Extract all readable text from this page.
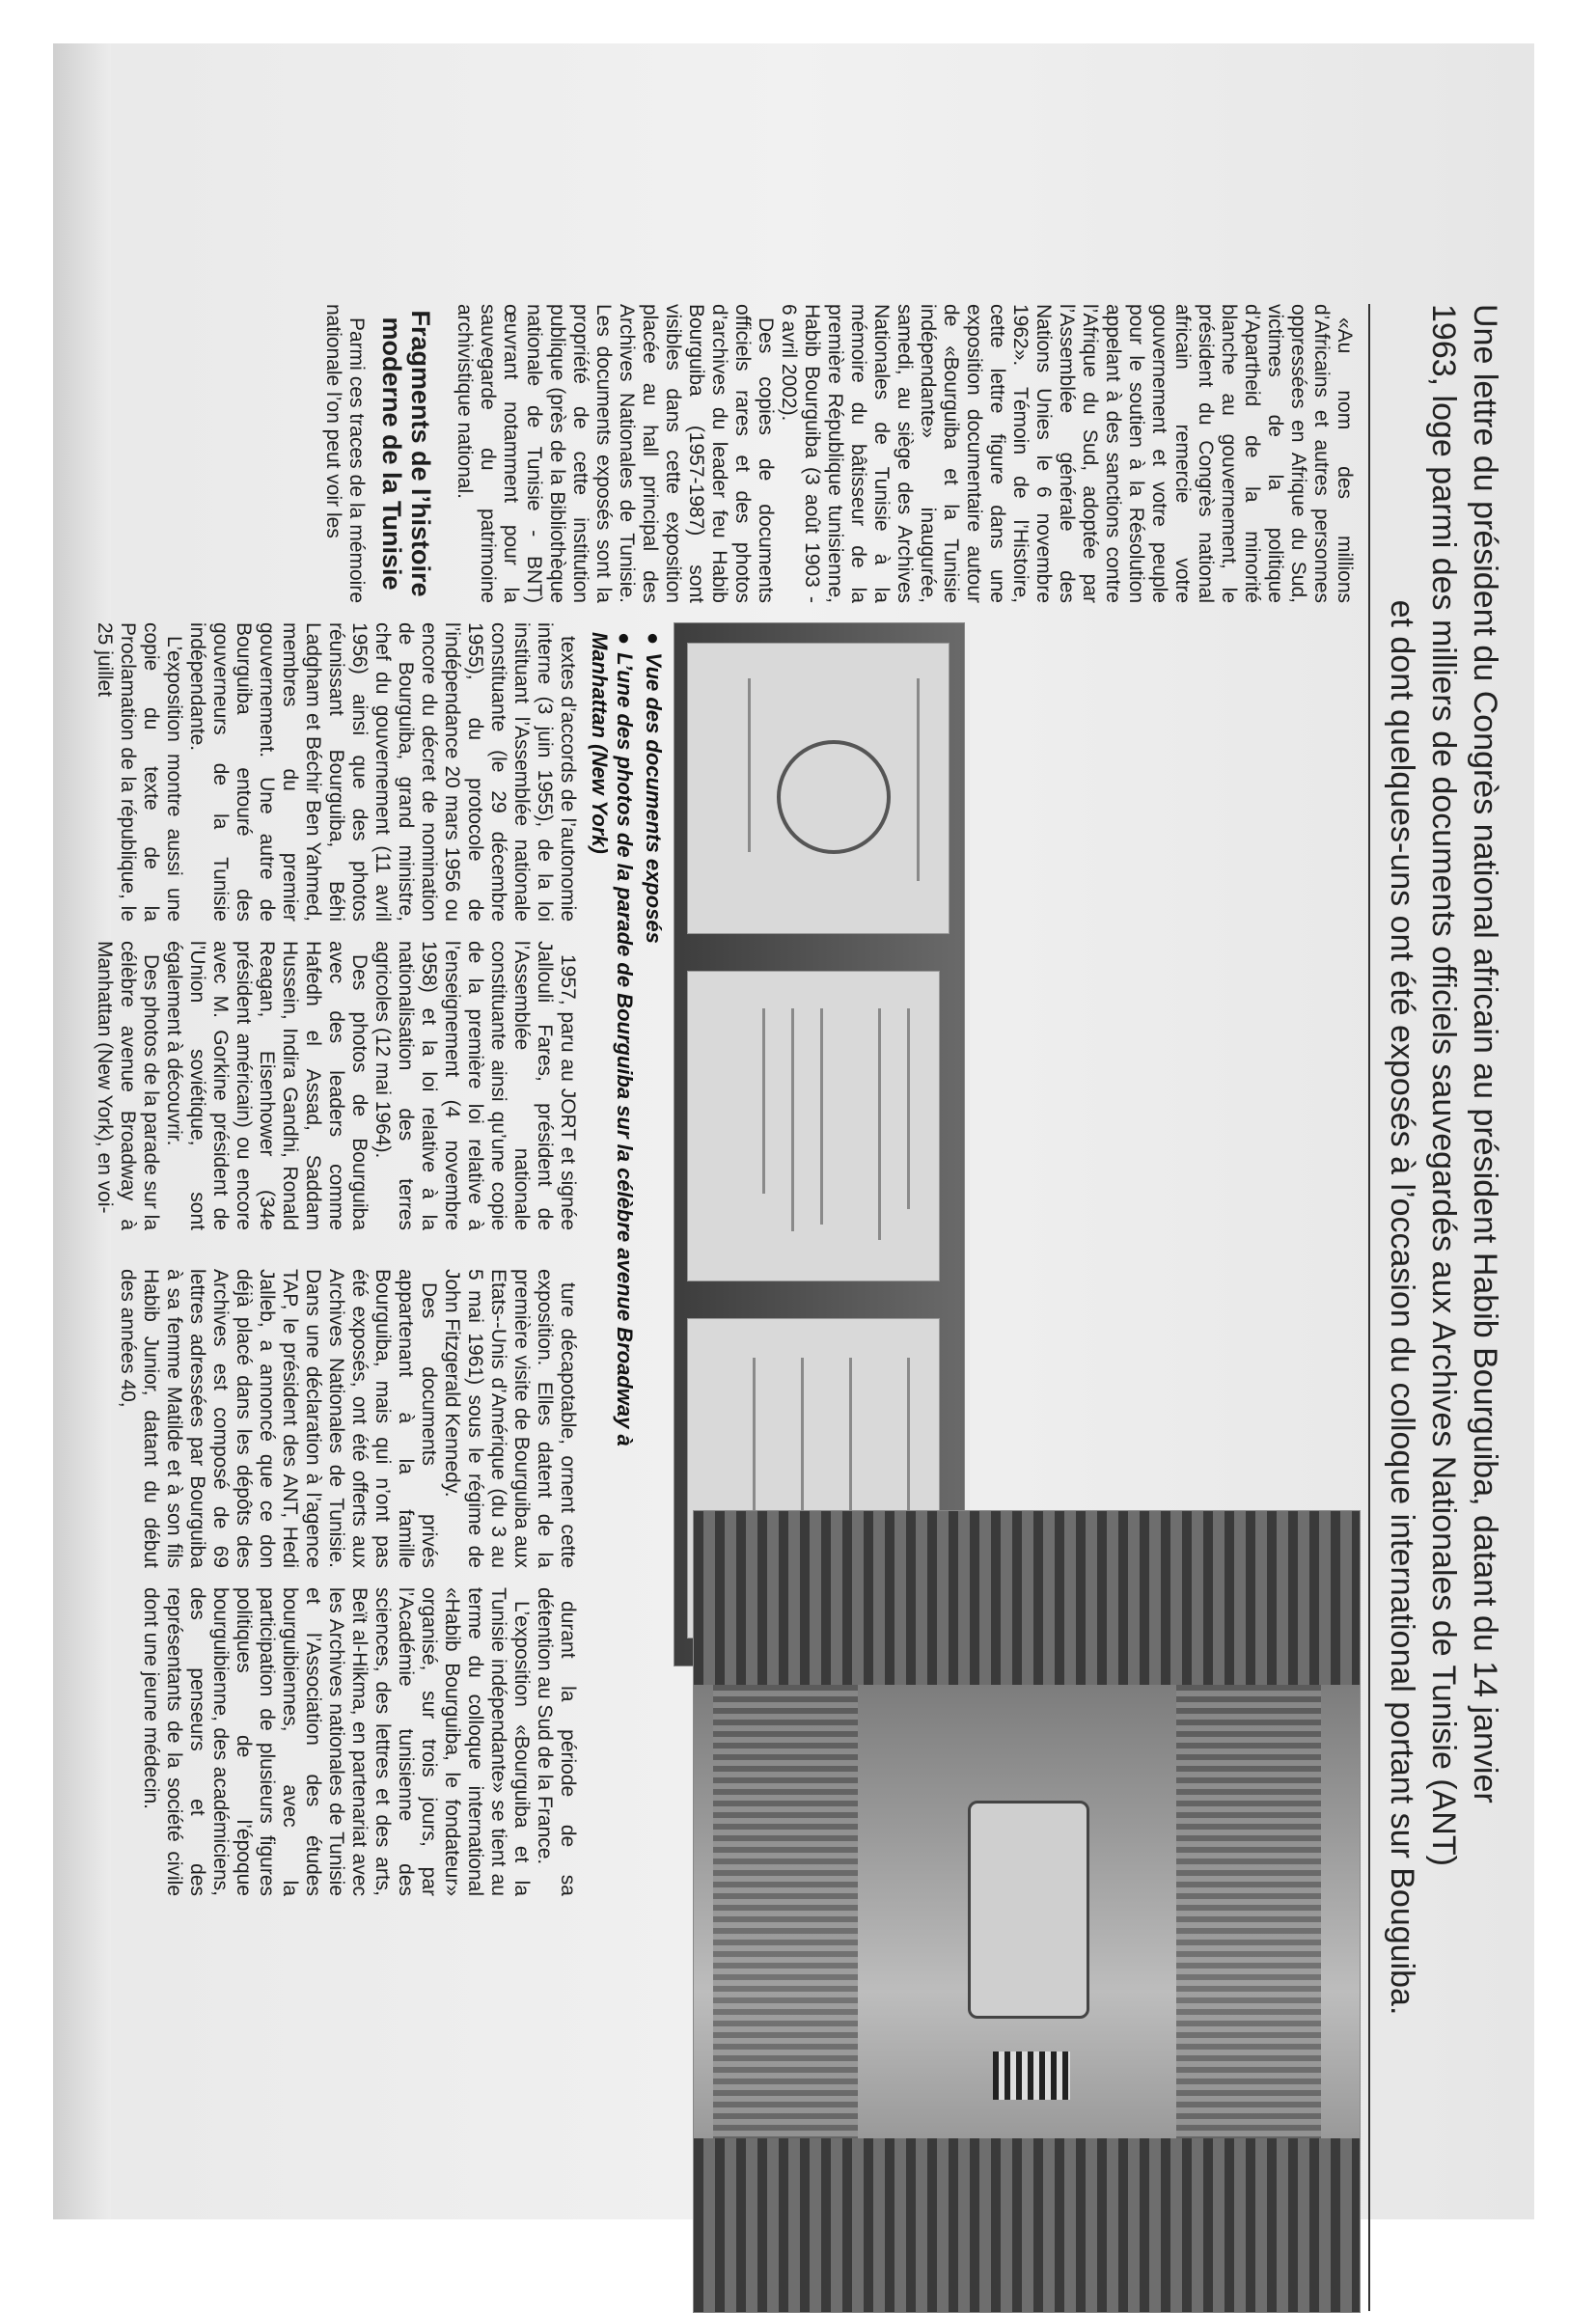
Une lettre du président du Congrès national africain au président Habib Bourguiba, datant du 14 janvier
1963, loge parmi des milliers de documents officiels sauvegardés aux Archives Nationales de Tunisie (ANT)
et dont quelques-uns ont été exposés à l’occasion du colloque international portant sur Bouguiba.

«Au nom des millions d’Africains et autres personnes oppressées en Afrique du Sud, victimes de la politique d’Apartheid de la minorité blanche au gouvernement, le président du Congrès national africain remercie votre gouvernement et votre peuple pour le soutien à la Résolution appelant à des sanctions contre l’Afrique du Sud, adoptée par l’Assemblée générale des Nations Unies le 6 novembre 1962». Témoin de l’Histoire, cette lettre figure dans une exposition documentaire autour de «Bourguiba et la Tunisie indépendante» inaugurée, samedi, au siège des Archives Nationales de Tunisie à la mémoire du bâtisseur de la première République tunisienne, Habib Bourguiba (3 août 1903 - 6 avril 2002).

Des copies de documents officiels rares et des photos d’archives du leader feu Habib Bourguiba (1957-1987) sont visibles dans cette exposition placée au hall principal des Archives Nationales de Tunisie. Les documents exposés sont la propriété de cette institution publique (près de la Bibliothèque nationale de Tunisie - BNT) œuvrant notamment pour la sauvegarde du patrimoine archivistique national.

Fragments de l’histoire moderne de la Tunisie

Parmi ces traces de la mémoire nationale l’on peut voir les

●Vue des documents exposés
●L’une des photos de la parade de Bourguiba sur la célèbre avenue Broadway à Manhattan (New York)

textes d’accords de l’autonomie interne (3 juin 1955), de la loi instituant l’Assemblée nationale constituante (le 29 décembre 1955), du protocole de l’indépendance 20 mars 1956 ou encore du décret de nomination de Bourguiba, grand ministre, chef du gouvernement (11 avril 1956) ainsi que des photos réunissant Bourguiba, Béhi Ladgham et Béchir Ben Yahmed, membres du premier gouvernement. Une autre de Bourguiba entouré des gouverneurs de la Tunisie indépendante.

L’exposition montre aussi une copie du texte de la Proclamation de la république, le 25 juillet

1957, paru au JORT et signée Jallouli Fares, président de l’Assemblée nationale constituante ainsi qu’une copie de la première loi relative à l’enseignement (4 novembre 1958) et la loi relative à la nationalisation des terres agricoles (12 mai 1964).

Des photos de Bourguiba avec des leaders comme Hafedh el Assad, Saddam Hussein, Indira Gandhi, Ronald Reagan, Eisenhower (34e président américain) ou encore avec M. Gorkine président de l’Union soviétique, sont également à découvrir.

Des photos de la parade sur la célèbre avenue Broadway à Manhattan (New York), en voi-

ture décapotable, ornent cette exposition. Elles datent de la première visite de Bourguiba aux Etats--Unis d’Amérique (du 3 au 5 mai 1961) sous le régime de John Fitzgerald Kennedy.

Des documents privés appartenant à la famille Bourguiba, mais qui n’ont pas été exposés, ont été offerts aux Archives Nationales de Tunisie. Dans une déclaration à l’agence TAP, le président des ANT, Hedi Jalleb, a annoncé que ce don déjà placé dans les dépôts des Archives est composé de 69 lettres adressées par Bourguiba à sa femme Matilde et à son fils Habib Junior, datant du début des années 40,

durant la période de sa détention au Sud de la France.

L’exposition «Bourguiba et la Tunisie indépendante» se tient au terme du colloque international «Habib Bourguiba, le fondateur» organisé, sur trois jours, par l’Académie tunisienne des sciences, des lettres et des arts, Beït al-Hikma, en partenariat avec les Archives nationales de Tunisie et l’Association des études bourguibiennes, avec la participation de plusieurs figures politiques de l’époque bourguibienne, des académiciens, des penseurs et des représentants de la société civile dont une jeune médecin.
